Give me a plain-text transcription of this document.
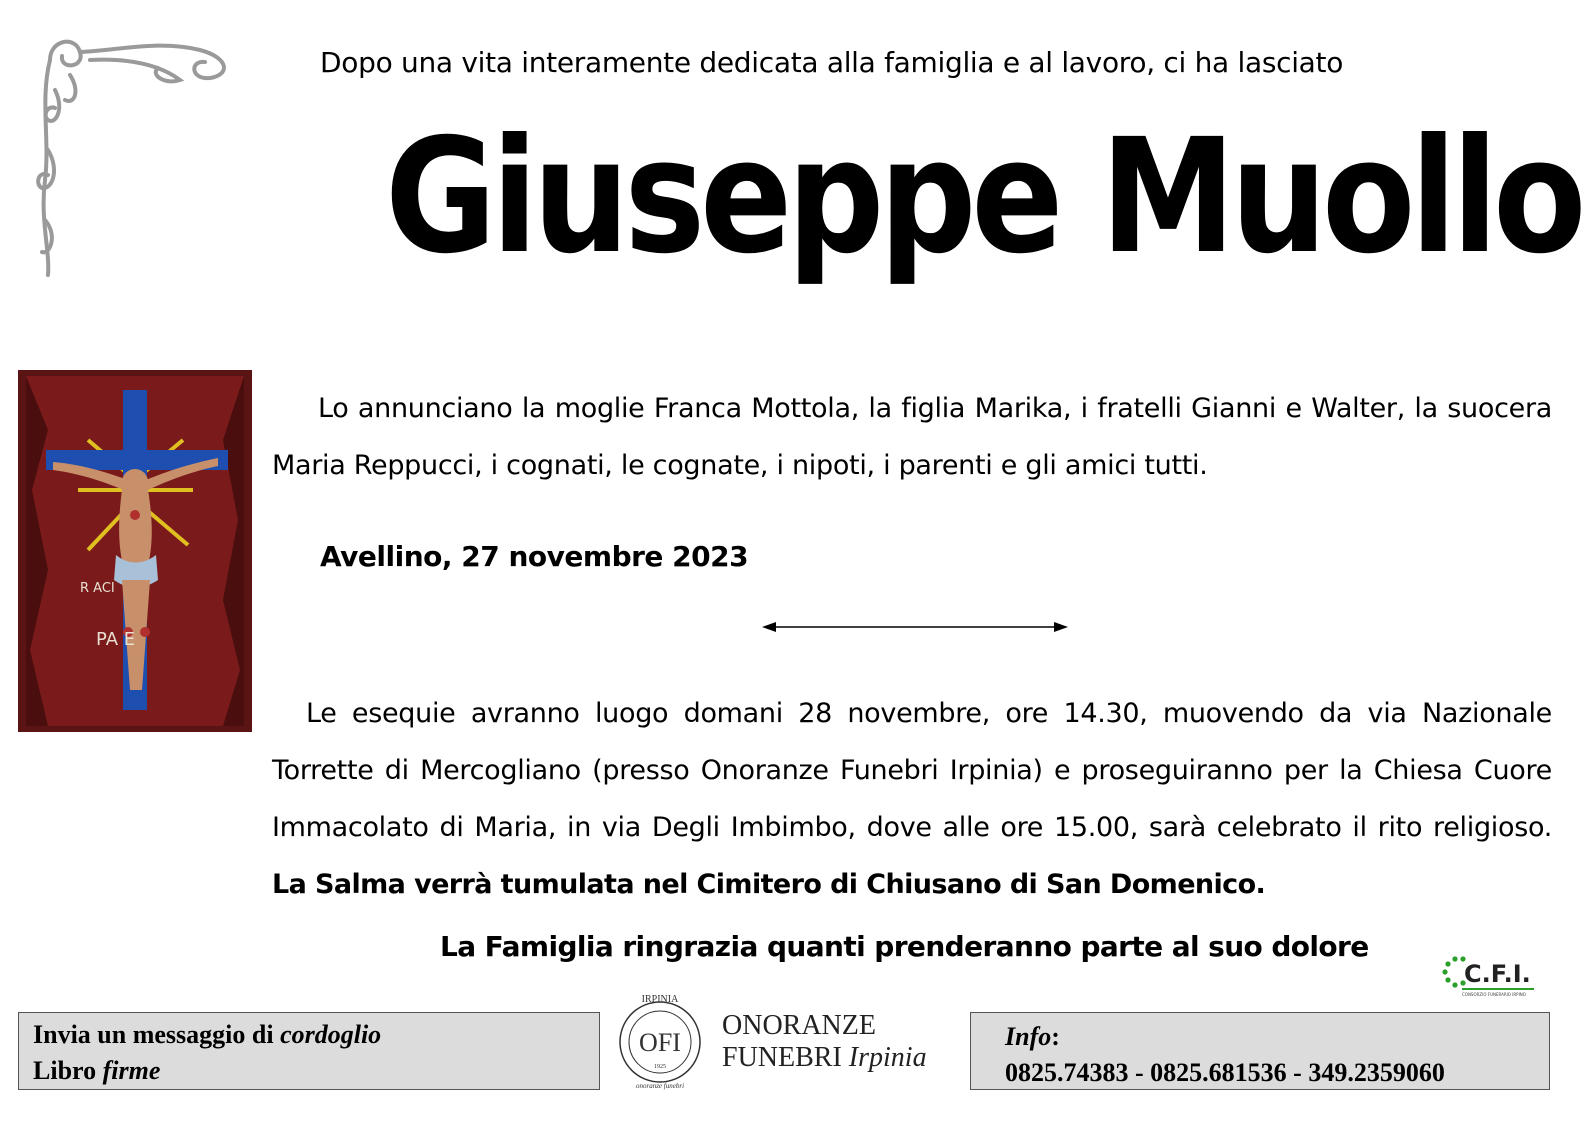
Dopo una vita interamente dedicata alla famiglia e al lavoro, ci ha lasciato
Giuseppe Muollo
R ACI
PA E
Lo annunciano la moglie Franca Mottola, la figlia Marika, i fratelli Gianni e Walter, la suocera Maria Reppucci, i cognati, le cognate, i nipoti, i parenti e gli amici tutti.
Avellino, 27 novembre 2023
Le esequie avranno luogo domani 28 novembre, ore 14.30, muovendo da via Nazionale Torrette di Mercogliano (presso Onoranze Funebri Irpinia) e proseguiranno per la Chiesa Cuore Immacolato di Maria, in via Degli Imbimbo, dove alle ore 15.00, sarà celebrato il rito religioso. La Salma verrà tumulata nel Cimitero di Chiusano di San Domenico.
La Famiglia ringrazia quanti prenderanno parte al suo dolore
C.F.I.
CONSORZIO FUNERARIO IRPINO
Invia un messaggio di cordoglio
Libro firme
IRPINIA
OFI
1925
onoranze funebri
ONORANZE
FUNEBRI Irpinia
Info:
0825.74383 - 0825.681536 - 349.2359060
